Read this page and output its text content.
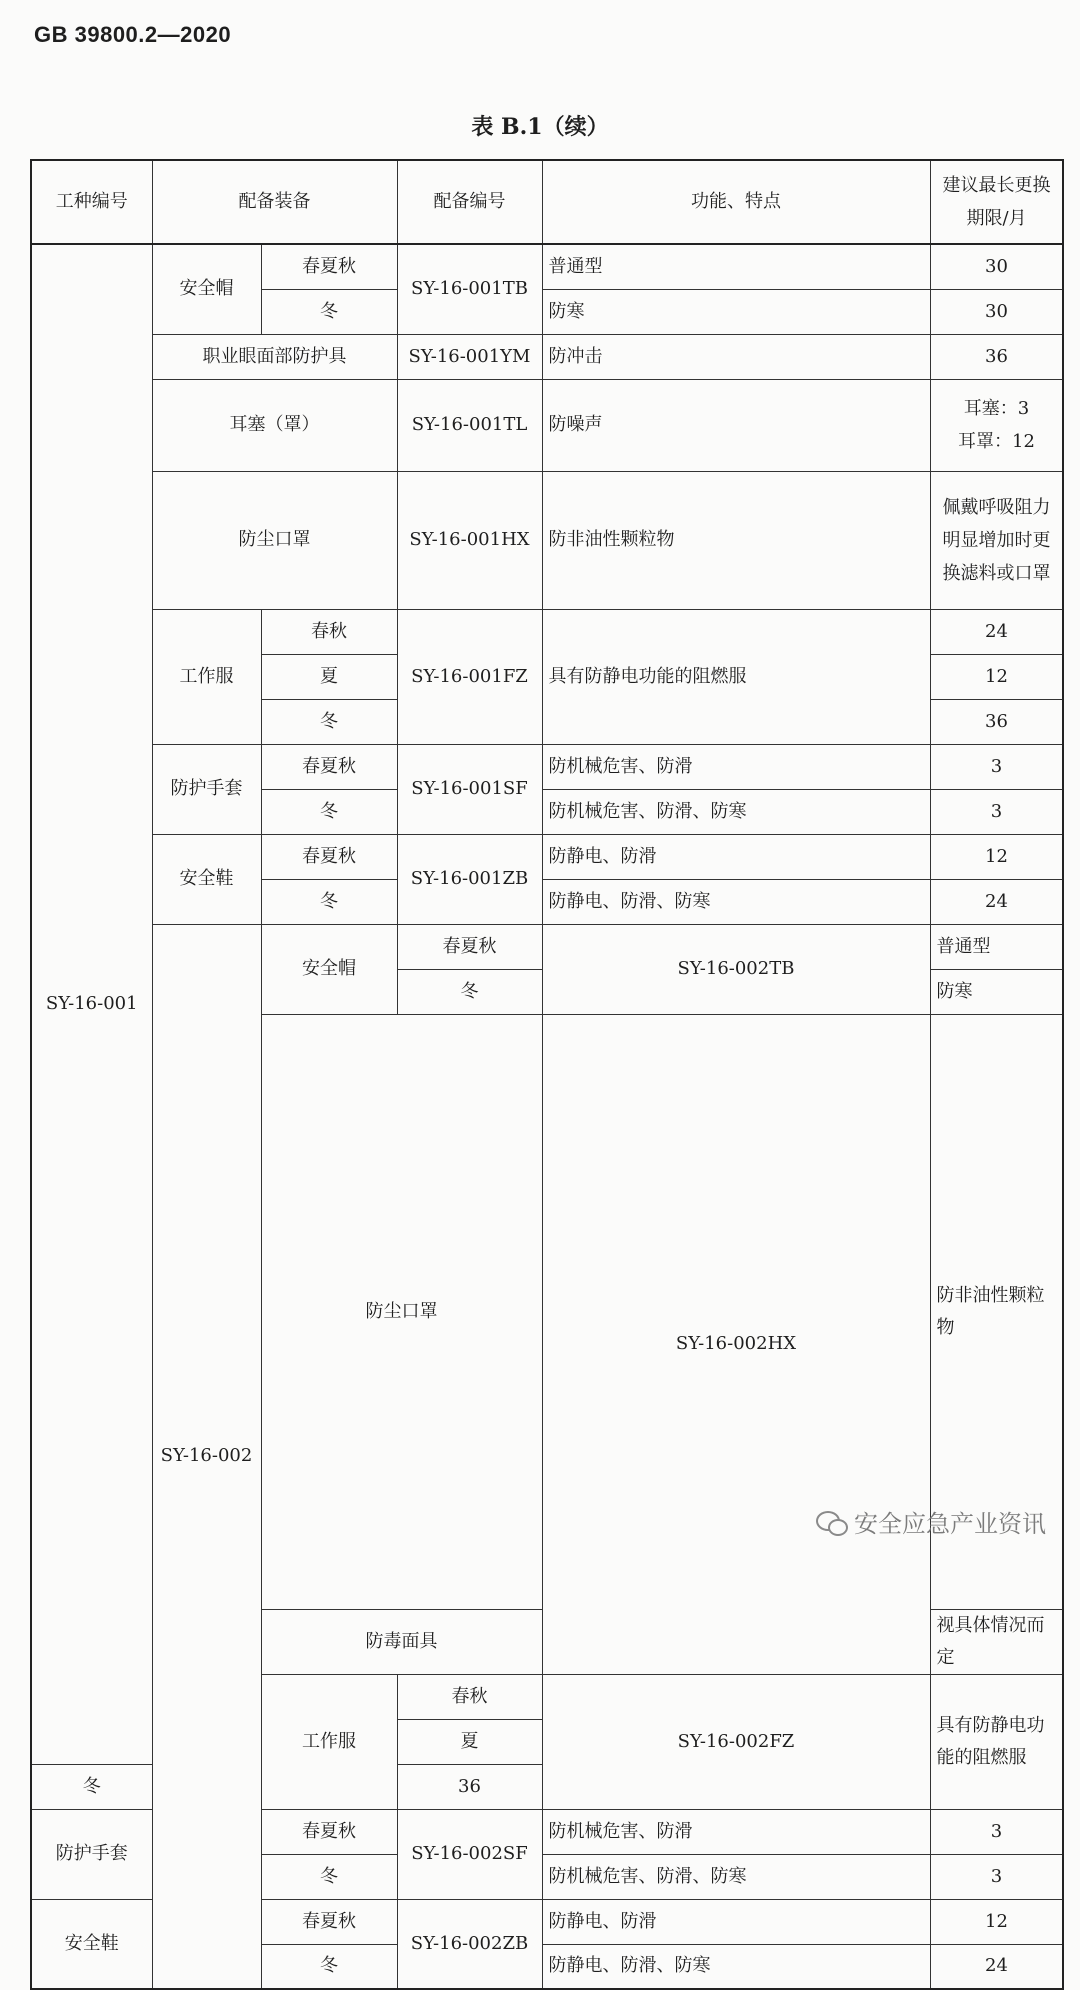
GB 39800.2—2020
表 B.1（续）
工种编号	配备装备		配备编号	功能、特点	建议最长更换期限/月	
SY-16-001	安全帽	春夏秋	SY-16-001TB	普通型	30	
		冬		防寒	30	
	职业眼面部防护具		SY-16-001YM	防冲击	36	
	耳塞（罩）		SY-16-001TL	防噪声	耳塞：3
耳罩：12	

	防尘口罩		SY-16-001HX	防非油性颗粒物	佩戴呼吸阻力
明显增加时更
换滤料或口罩	

	工作服	春秋	SY-16-001FZ	具有防静电功能的阻燃服	24	
		夏			12	
		冬			36	
	防护手套	春夏秋	SY-16-001SF	防机械危害、防滑	3	
		冬		防机械危害、防滑、防寒	3	
	安全鞋	春夏秋	SY-16-001ZB	防静电、防滑	12	
		冬		防静电、防滑、防寒	24	
	SY-16-002	安全帽	春夏秋	SY-16-002TB	普通型	
			冬		防寒	
		防尘口罩		SY-16-002HX	防非油性颗粒物	

		防毒面具			视具体情况而定	
		工作服	春秋	SY-16-002FZ	具有防静电功能的阻燃服	
			夏	
冬			36			
防护手套		春夏秋	SY-16-002SF	防机械危害、防滑	3	
		冬		防机械危害、防滑、防寒	3	
安全鞋		春夏秋	SY-16-002ZB	防静电、防滑	12	
		冬		防静电、防滑、防寒	24	
安全应急产业资讯
